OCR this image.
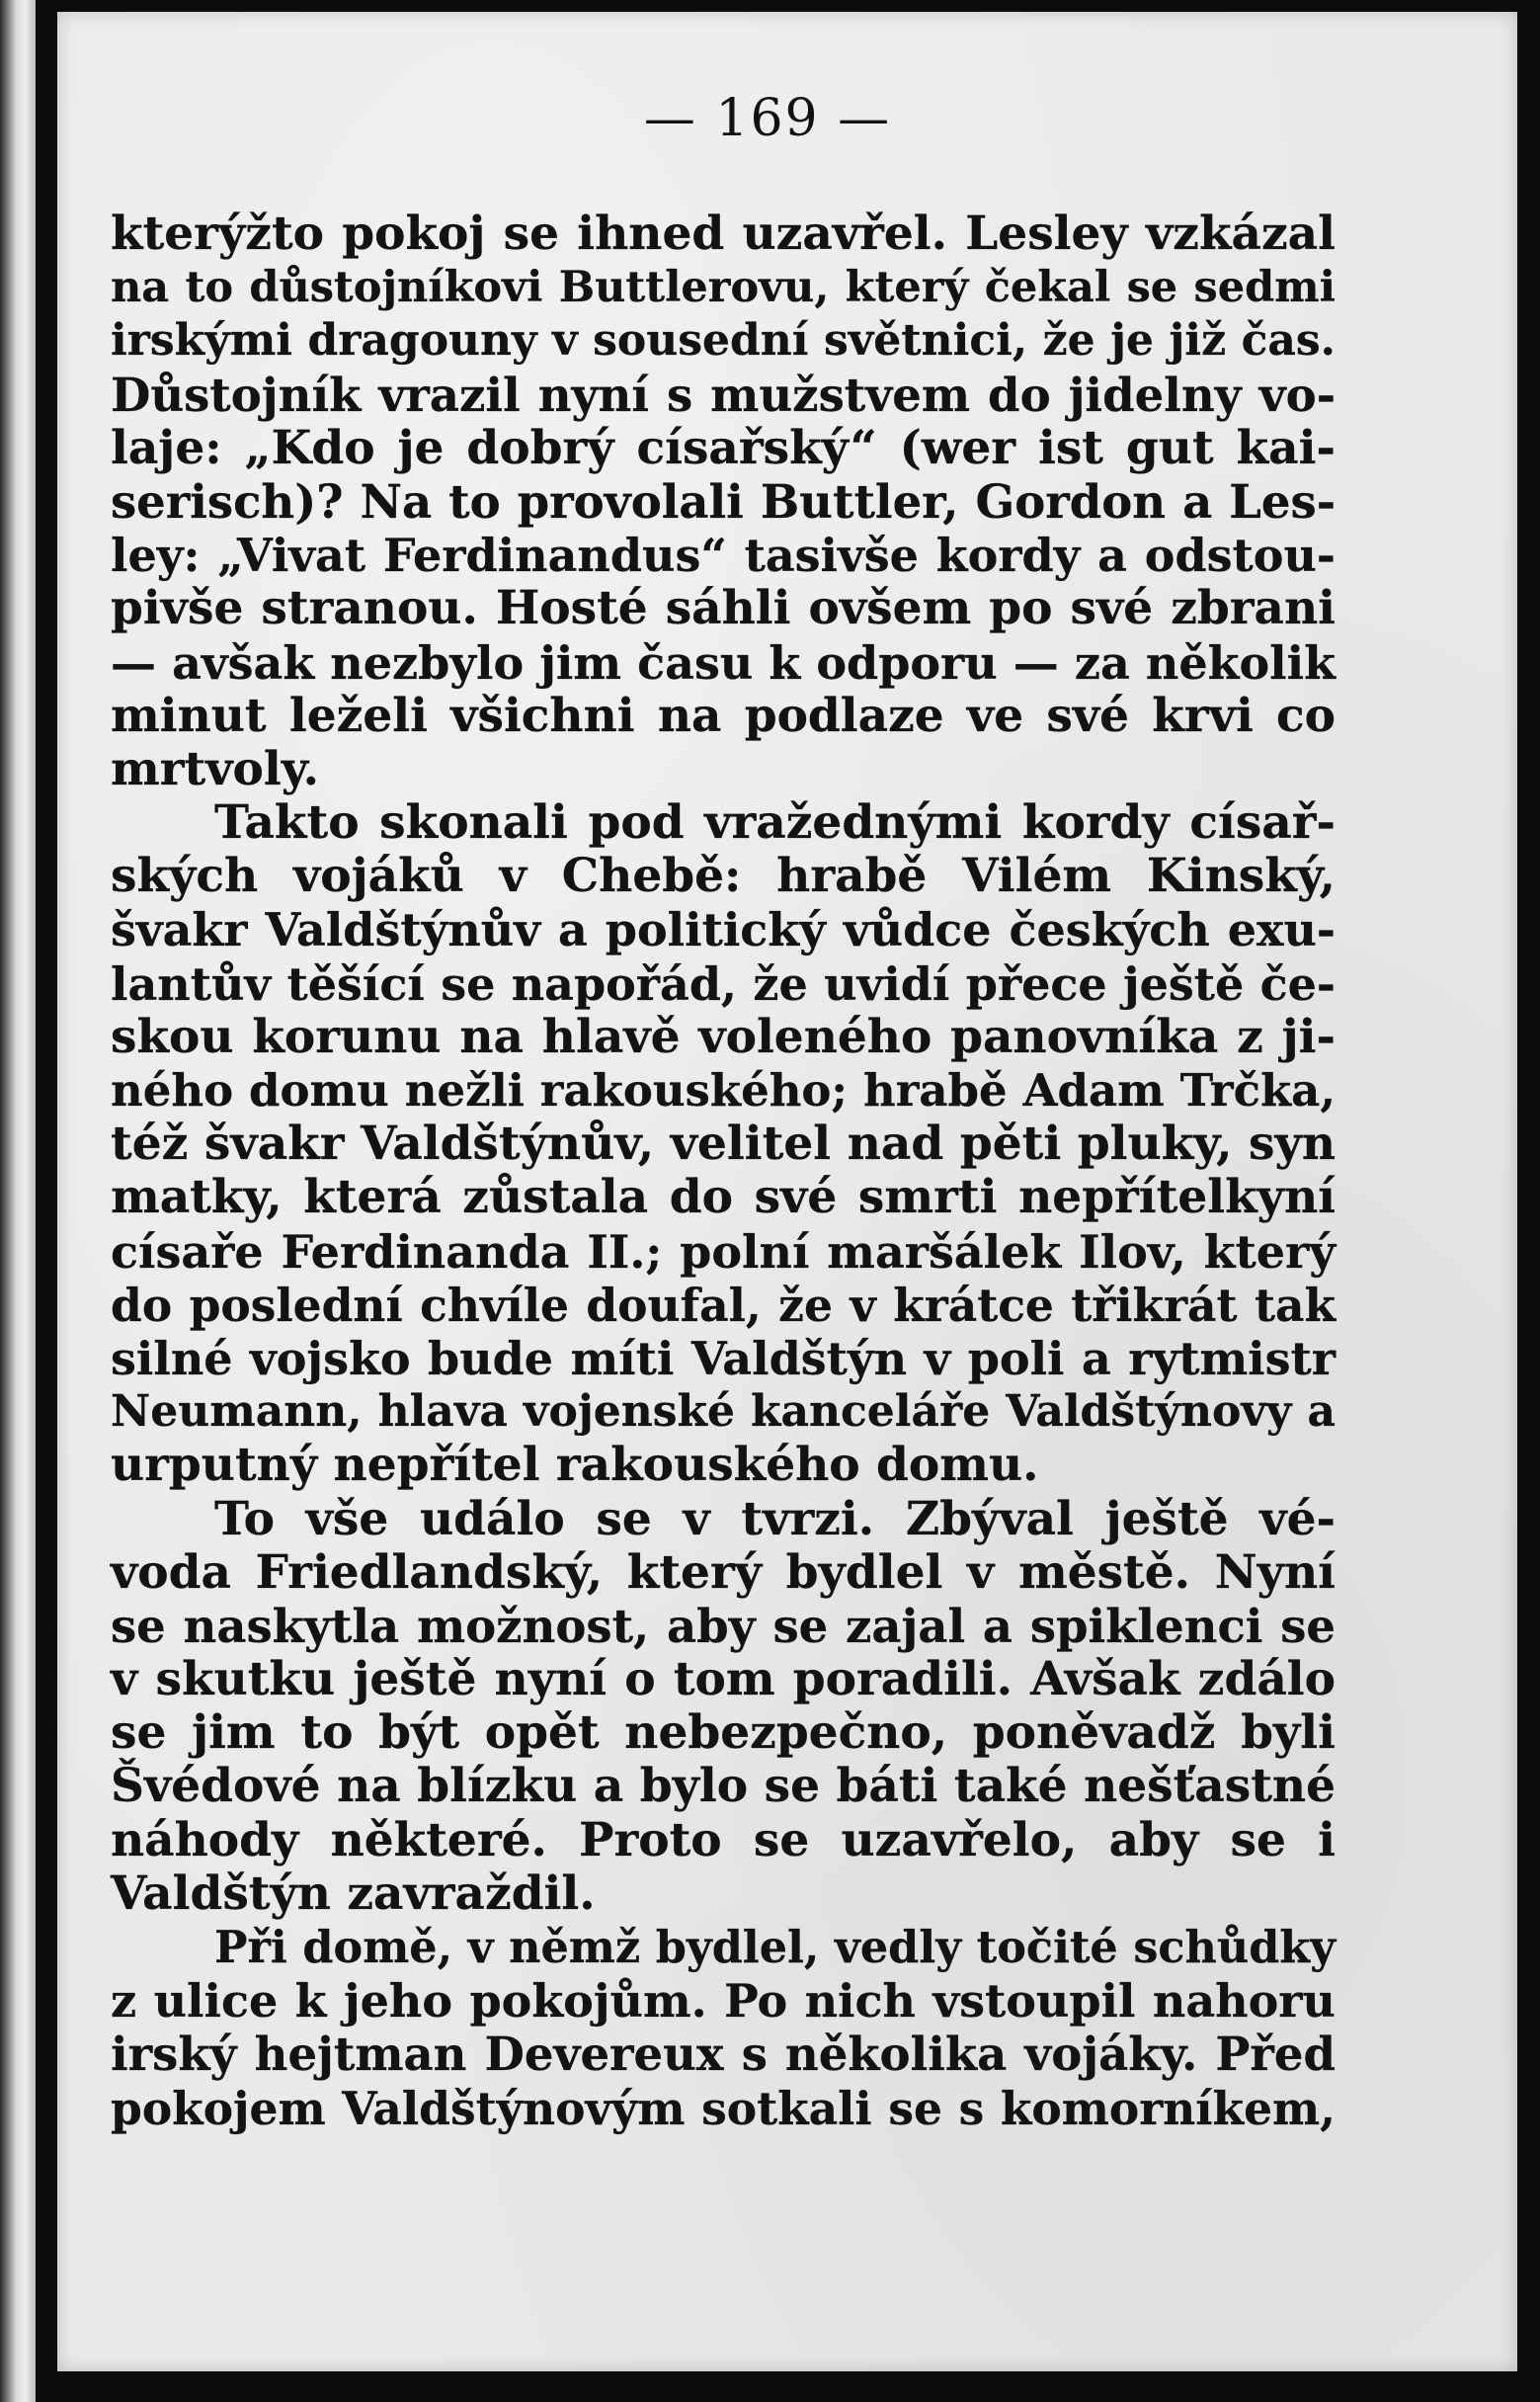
— 169 —
kterýžto pokoj se ihned uzavřel. Lesley vzkázal
na to důstojníkovi Buttlerovu, který čekal se sedmi
irskými dragouny v sousední světnici, že je již čas.
Důstojník vrazil nyní s mužstvem do jidelny vo-
laje: „Kdo je dobrý císařský“ (wer ist gut kai-
serisch)? Na to provolali Buttler, Gordon a Les-
ley: „Vivat Ferdinandus“ tasivše kordy a odstou-
pivše stranou. Hosté sáhli ovšem po své zbrani
— avšak nezbylo jim času k odporu — za několik
minut leželi všichni na podlaze ve své krvi co
mrtvoly.
Takto skonali pod vražednými kordy císař-
ských vojáků v Chebě: hrabě Vilém Kinský,
švakr Valdštýnův a politický vůdce českých exu-
lantův těšící se napořád, že uvidí přece ještě če-
skou korunu na hlavě voleného panovníka z ji-
ného domu nežli rakouského; hrabě Adam Trčka,
též švakr Valdštýnův, velitel nad pěti pluky, syn
matky, která zůstala do své smrti nepřítelkyní
císaře Ferdinanda II.; polní maršálek Ilov, který
do poslední chvíle doufal, že v krátce třikrát tak
silné vojsko bude míti Valdštýn v poli a rytmistr
Neumann, hlava vojenské kanceláře Valdštýnovy a
urputný nepřítel rakouského domu.
To vše událo se v tvrzi. Zbýval ještě vé-
voda Friedlandský, který bydlel v městě. Nyní
se naskytla možnost, aby se zajal a spiklenci se
v skutku ještě nyní o tom poradili. Avšak zdálo
se jim to být opět nebezpečno, poněvadž byli
Švédové na blízku a bylo se báti také nešťastné
náhody některé. Proto se uzavřelo, aby se i
Valdštýn zavraždil.
Při domě, v němž bydlel, vedly točité schůdky
z ulice k jeho pokojům. Po nich vstoupil nahoru
irský hejtman Devereux s několika vojáky. Před
pokojem Valdštýnovým sotkali se s komorníkem,
